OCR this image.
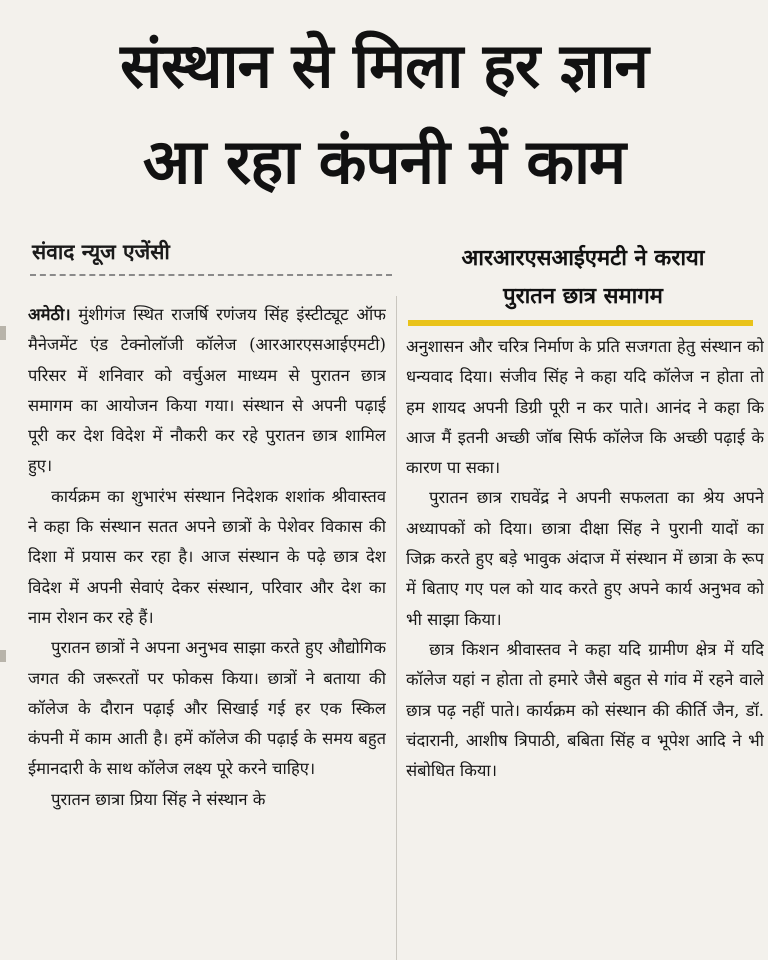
संस्थान से मिला हर ज्ञान
आ रहा कंपनी में काम
संवाद न्यूज एजेंसी	आरआरएसआईएमटी ने कराया
पुरातन छात्र समागम

अमेठी। मुंशीगंज स्थित राजर्षि रणंजय सिंह इंस्टीट्यूट ऑफ मैनेजमेंट एंड टेक्नोलॉजी कॉलेज (आरआरएसआईएमटी) परिसर में शनिवार को वर्चुअल माध्यम से पुरातन छात्र समागम का आयोजन किया गया। संस्थान से अपनी पढ़ाई पूरी कर देश विदेश में नौकरी कर रहे पुरातन छात्र शामिल हुए।

कार्यक्रम का शुभारंभ संस्थान निदेशक शशांक श्रीवास्तव ने कहा कि संस्थान सतत अपने छात्रों के पेशेवर विकास की दिशा में प्रयास कर रहा है। आज संस्थान के पढ़े छात्र देश विदेश में अपनी सेवाएं देकर संस्थान, परिवार और देश का नाम रोशन कर रहे हैं।

पुरातन छात्रों ने अपना अनुभव साझा करते हुए औद्योगिक जगत की जरूरतों पर फोकस किया। छात्रों ने बताया की कॉलेज के दौरान पढ़ाई और सिखाई गई हर एक स्किल कंपनी में काम आती है। हमें कॉलेज की पढ़ाई के समय बहुत ईमानदारी के साथ कॉलेज लक्ष्य पूरे करने चाहिए।

पुरातन छात्रा प्रिया सिंह ने संस्थान के

अनुशासन और चरित्र निर्माण के प्रति सजगता हेतु संस्थान को धन्यवाद दिया। संजीव सिंह ने कहा यदि कॉलेज न होता तो हम शायद अपनी डिग्री पूरी न कर पाते। आनंद ने कहा कि आज मैं इतनी अच्छी जॉब सिर्फ कॉलेज कि अच्छी पढ़ाई के कारण पा सका।

पुरातन छात्र राघवेंद्र ने अपनी सफलता का श्रेय अपने अध्यापकों को दिया। छात्रा दीक्षा सिंह ने पुरानी यादों का जिक्र करते हुए बड़े भावुक अंदाज में संस्थान में छात्रा के रूप में बिताए गए पल को याद करते हुए अपने कार्य अनुभव को भी साझा किया।

छात्र किशन श्रीवास्तव ने कहा यदि ग्रामीण क्षेत्र में यदि कॉलेज यहां न होता तो हमारे जैसे बहुत से गांव में रहने वाले छात्र पढ़ नहीं पाते। कार्यक्रम को संस्थान की कीर्ति जैन, डॉ. चंदारानी, आशीष त्रिपाठी, बबिता सिंह व भूपेश आदि ने भी संबोधित किया।
